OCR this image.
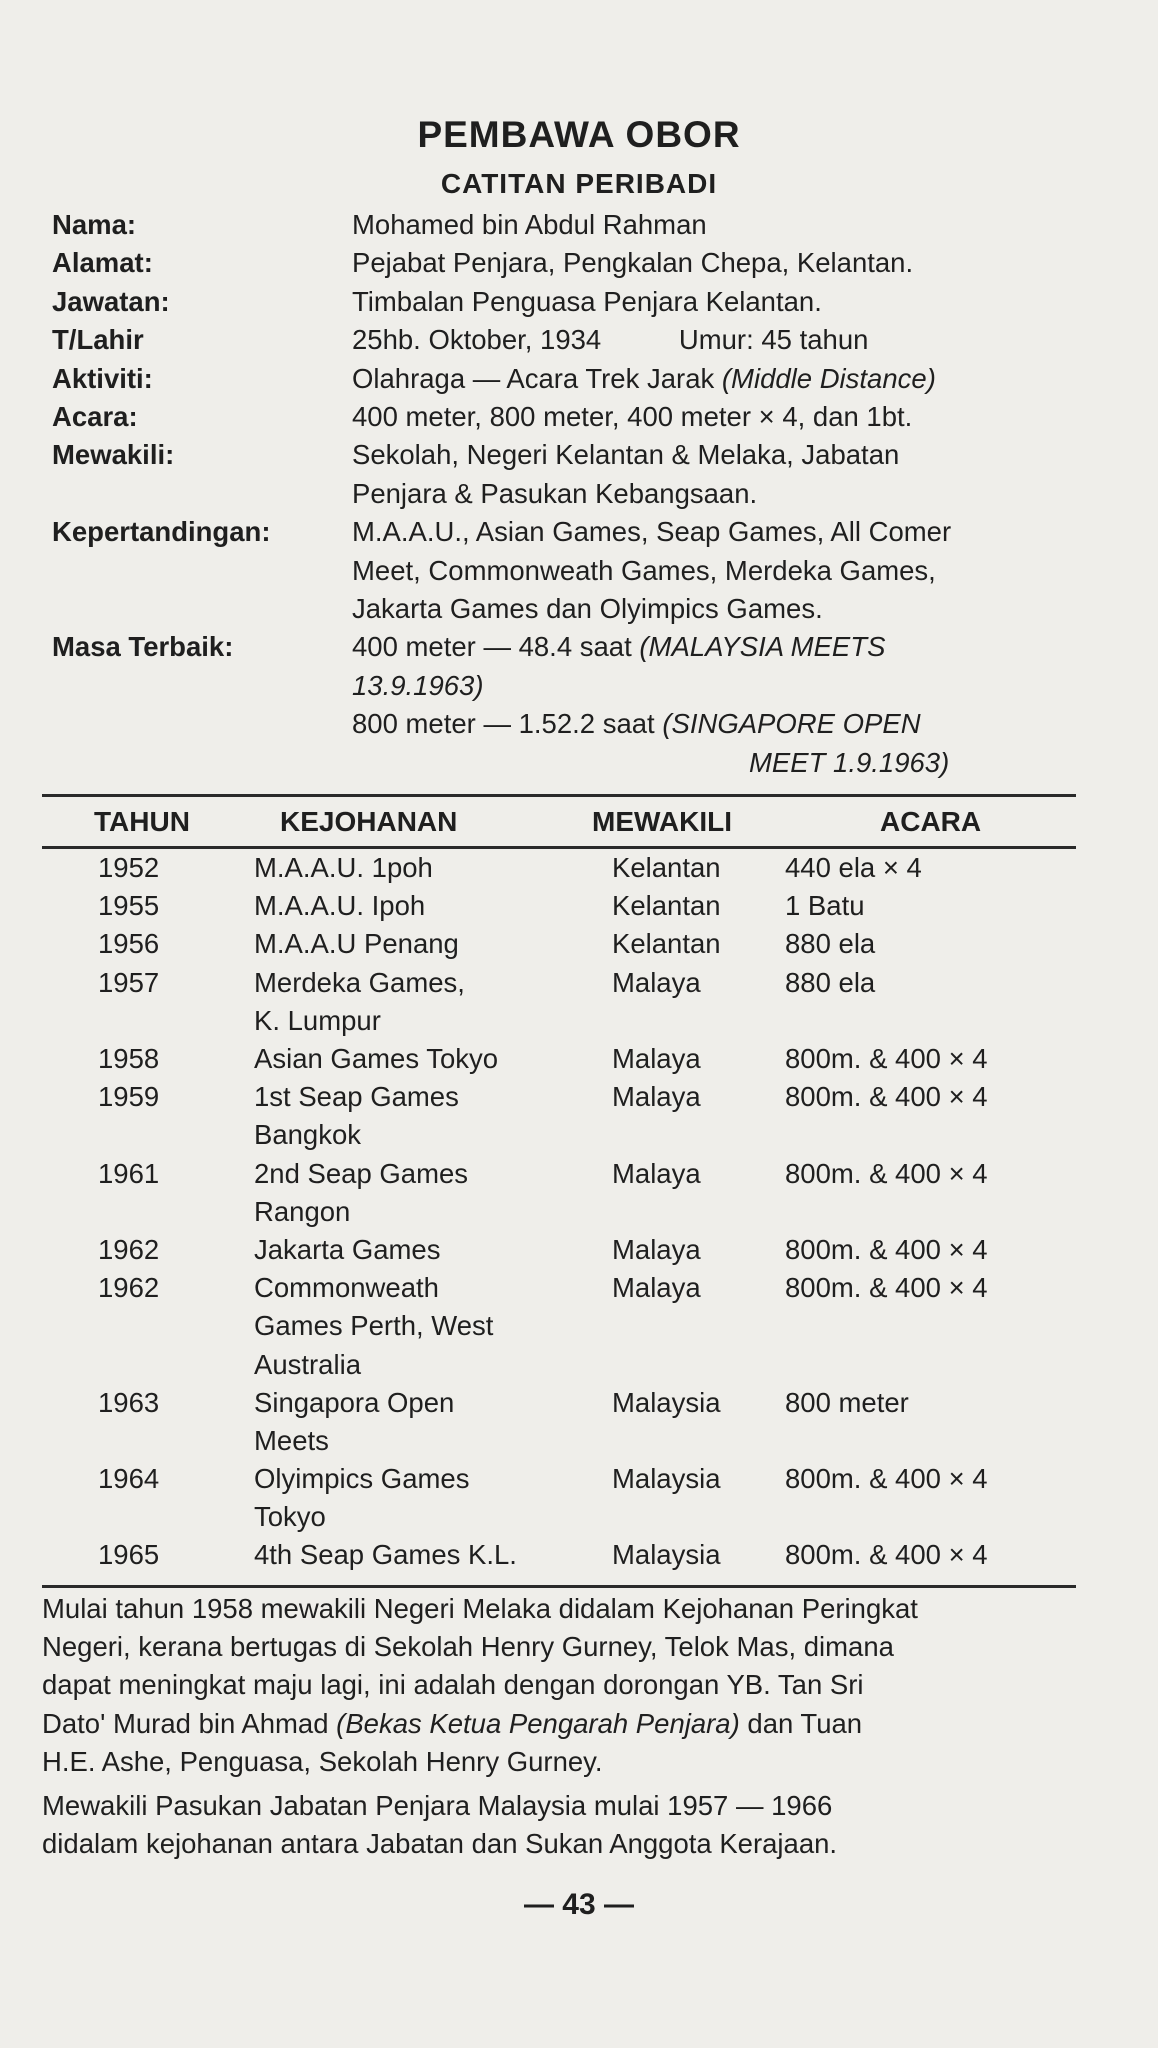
PEMBAWA OBOR
CATITAN PERIBADI
Nama:	Mohamed bin Abdul Rahman
Alamat:	Pejabat Penjara, Pengkalan Chepa, Kelantan.
Jawatan:	Timbalan Penguasa Penjara Kelantan.
T/Lahir	25hb. Oktober, 1934	Umur: 45 tahun
Aktiviti:	Olahraga — Acara Trek Jarak (Middle Distance)
Acara:	400 meter, 800 meter, 400 meter × 4, dan 1bt.
Mewakili:	Sekolah, Negeri Kelantan & Melaka, Jabatan
Penjara & Pasukan Kebangsaan.
Kepertandingan:	M.A.A.U., Asian Games, Seap Games, All Comer
Meet, Commonweath Games, Merdeka Games,
Jakarta Games dan Olyimpics Games.
Masa Terbaik:	400 meter — 48.4 saat (MALAYSIA MEETS
13.9.1963)
800 meter — 1.52.2 saat (SINGAPORE OPEN
MEET 1.9.1963)
TAHUN	KEJOHANAN	MEWAKILI	ACARA
1952	M.A.A.U. 1poh	Kelantan 440 ela × 4
1955	M.A.A.U. Ipoh	Kelantan 1 Batu
1956	M.A.A.U Penang	Kelantan 880 ela
1957	Merdeka Games,
K. Lumpur
Malaya	880 ela
1958	Asian Games Tokyo	Malaya	800m. & 400 × 4
1959	1st Seap Games
Bangkok
Malaya	800m. & 400 × 4
1961	2nd Seap Games
Rangon
Malaya	800m. & 400 × 4
1962	Jakarta Games	Malaya	800m. & 400 × 4
1962	Commonweath
Games Perth, West
Australia
Malaya	800m. & 400 × 4
1963	Singapora Open
Meets
Malaysia 800 meter
1964	Olyimpics Games
Tokyo
Malaysia 800m. & 400 × 4
1965	4th Seap Games K.L.	Malaysia 800m. & 400 × 4
Mulai tahun 1958 mewakili Negeri Melaka didalam Kejohanan Peringkat
Negeri, kerana bertugas di Sekolah Henry Gurney, Telok Mas, dimana
dapat meningkat maju lagi, ini adalah dengan dorongan YB. Tan Sri
Dato' Murad bin Ahmad (Bekas Ketua Pengarah Penjara) dan Tuan
H.E. Ashe, Penguasa, Sekolah Henry Gurney.
Mewakili Pasukan Jabatan Penjara Malaysia mulai 1957 — 1966
didalam kejohanan antara Jabatan dan Sukan Anggota Kerajaan.
— 43 —
